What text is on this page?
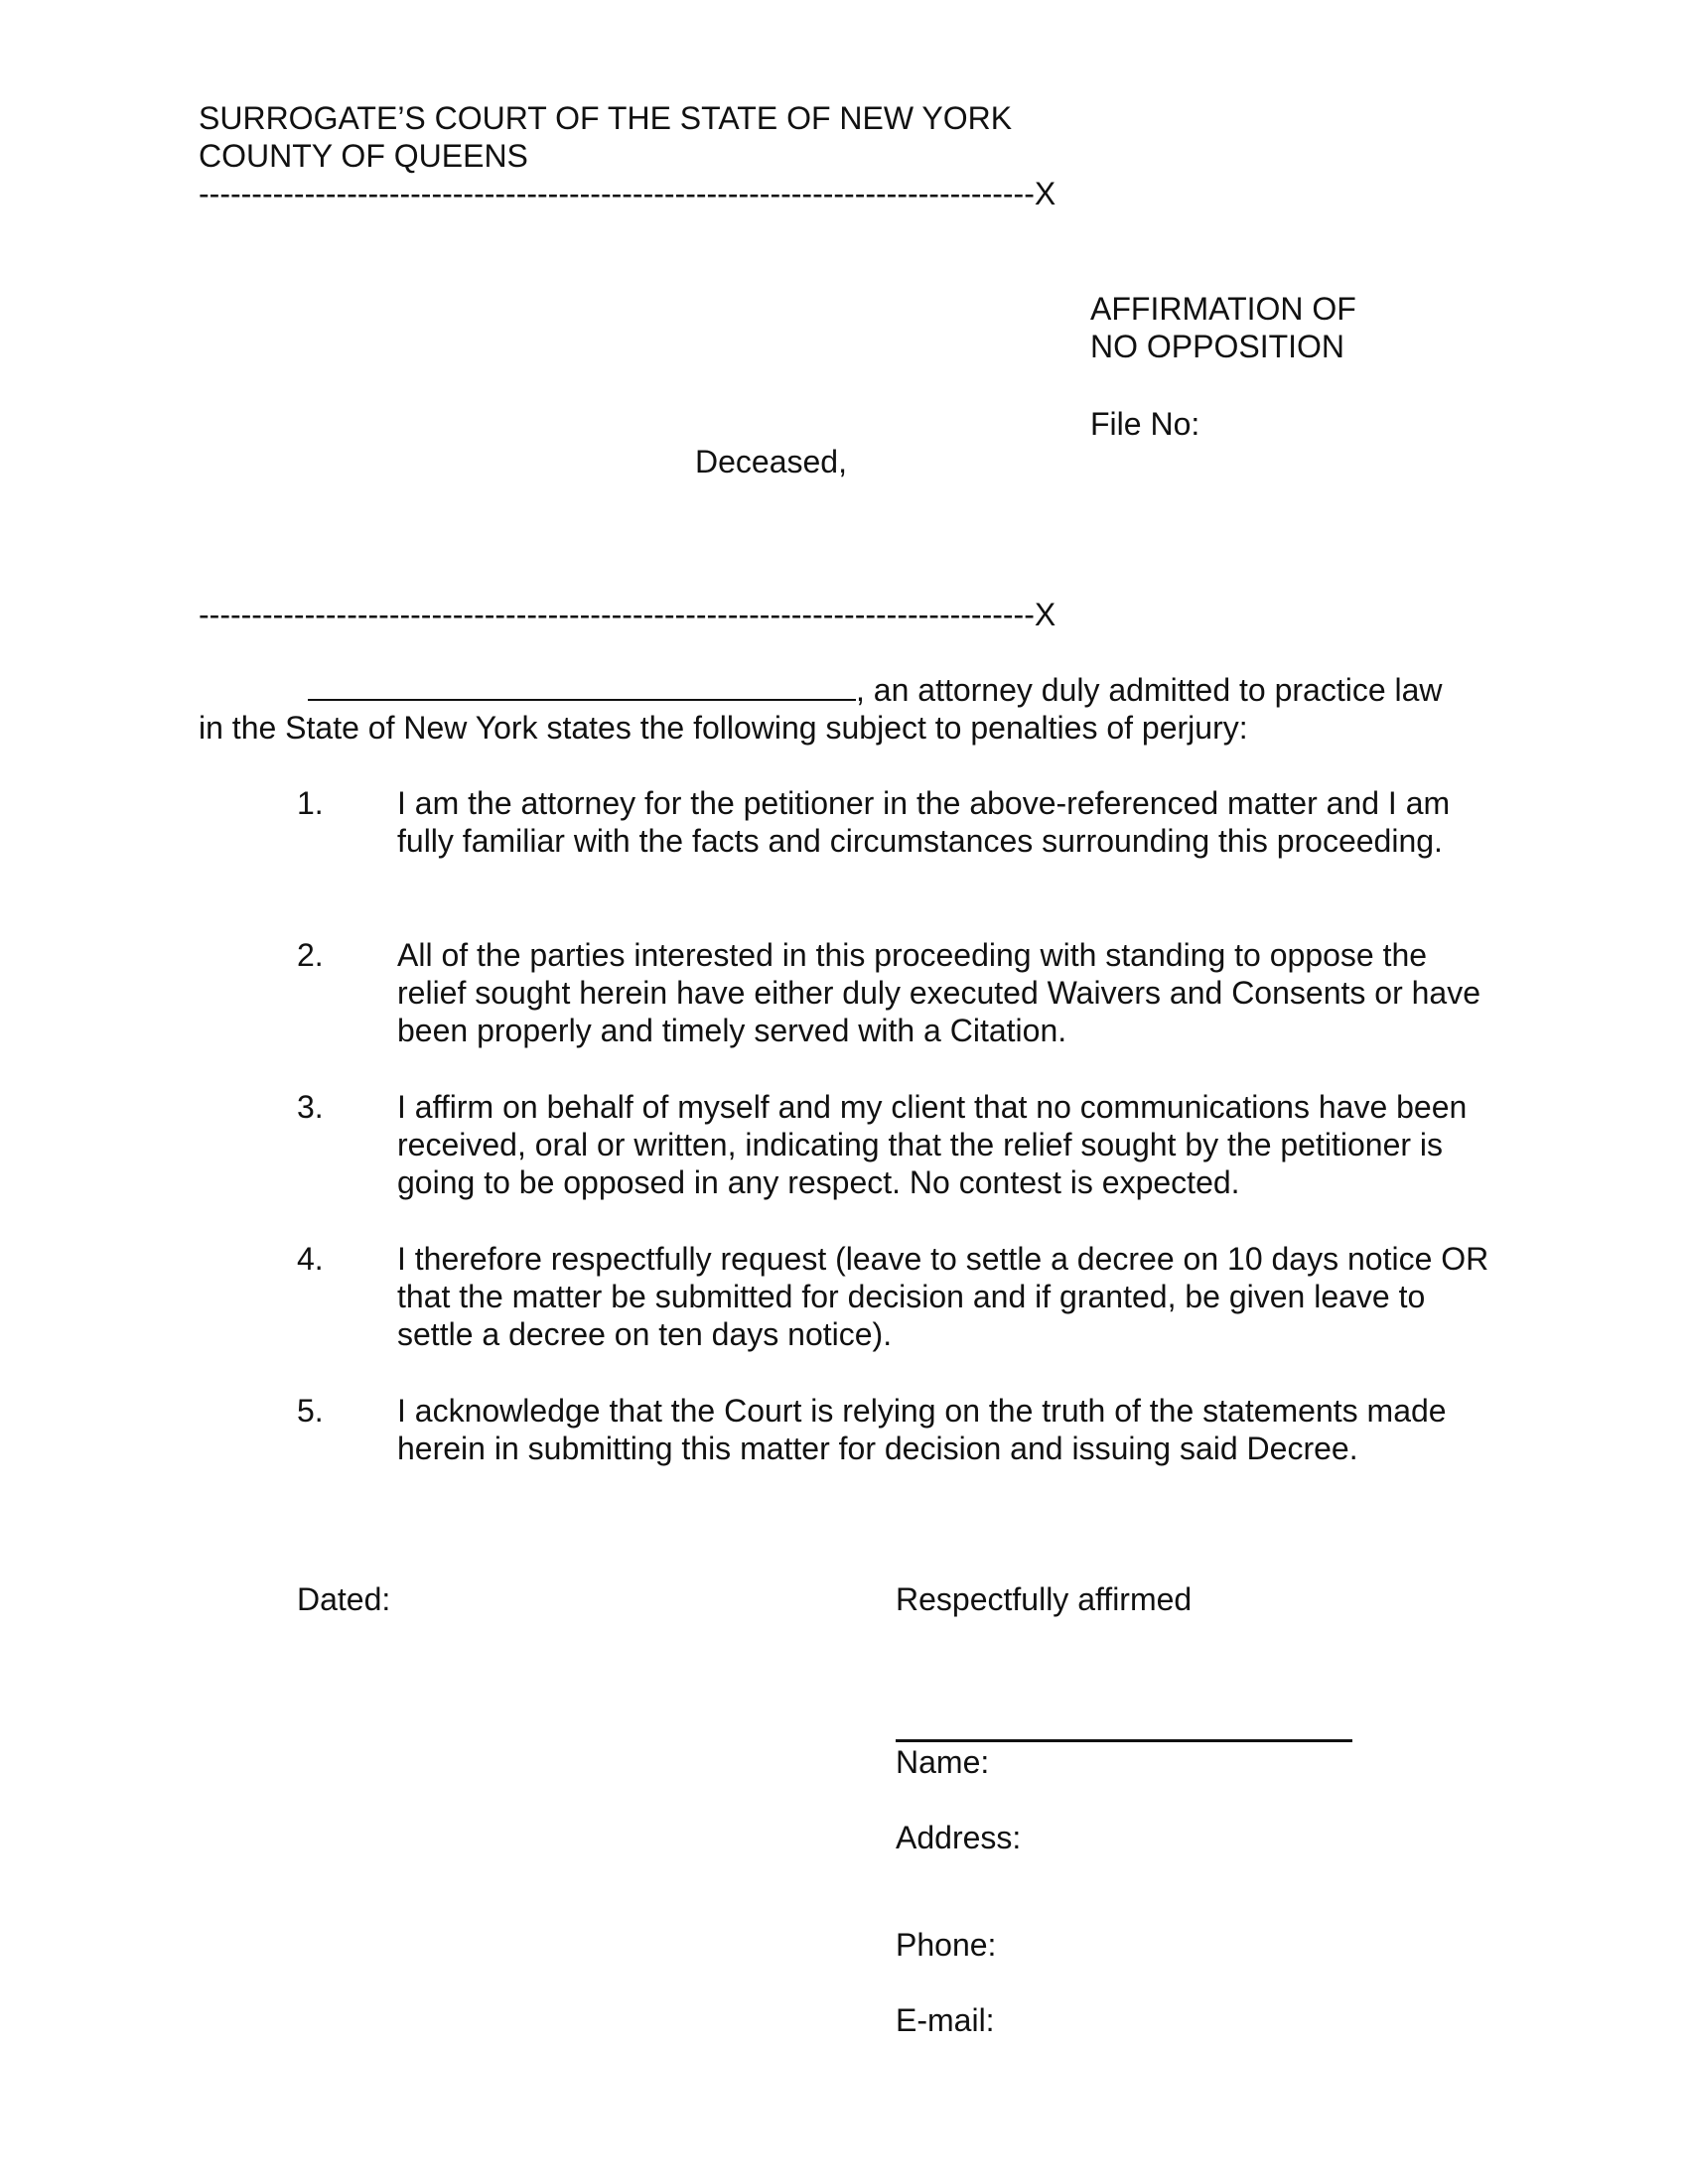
SURROGATE’S COURT OF THE STATE OF NEW YORK
COUNTY OF QUEENS
-------------------------------------------------------------------------------X
AFFIRMATION OF
NO OPPOSITION
File No:
Deceased,
-------------------------------------------------------------------------------X
, an attorney duly admitted to practice law
in the State of New York states the following subject to penalties of perjury:
1.	I am the attorney for the petitioner in the above-referenced matter and I am fully familiar with the facts and circumstances surrounding this proceeding.
2.	All of the parties interested in this proceeding with standing to oppose the relief sought herein have either duly executed Waivers and Consents or have been properly and timely served with a Citation.
3.	I affirm on behalf of myself and my client that no communications have been received, oral or written, indicating that the relief sought by the petitioner is going to be opposed in any respect. No contest is expected.
4.	I therefore respectfully request (leave to settle a decree on 10 days notice OR that the matter be submitted for decision and if granted, be given leave to settle a decree on ten days notice).
5.	I acknowledge that the Court is relying on the truth of the statements made herein in submitting this matter for decision and issuing said Decree.
Dated:	Respectfully affirmed
Name:
Address:
Phone:
E-mail:
